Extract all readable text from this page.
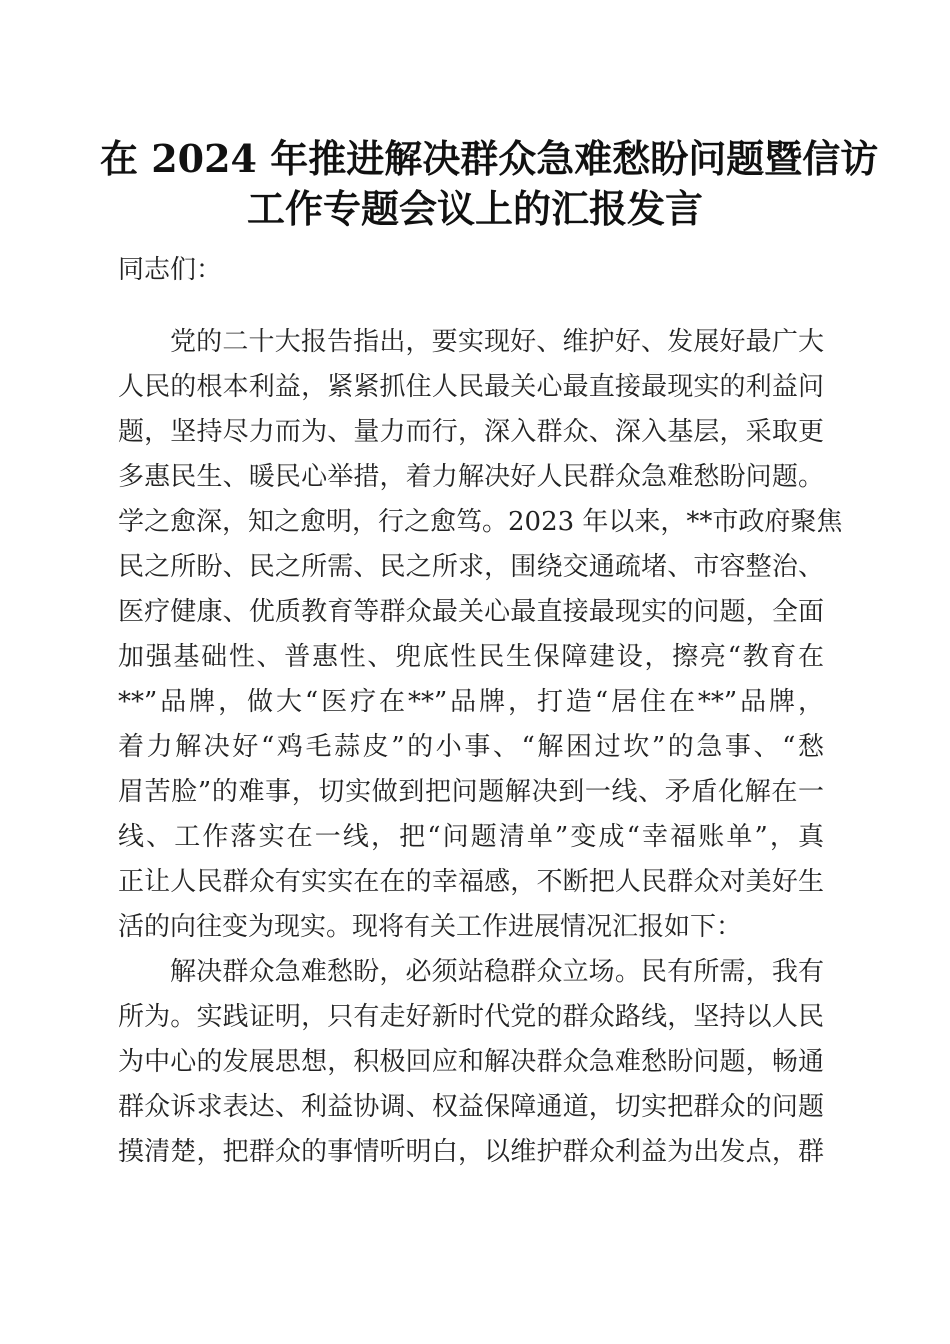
在 2024 年推进解决群众急难愁盼问题暨信访
工作专题会议上的汇报发言
同志们：
党的二十大报告指出，要实现好、维护好、发展好最广大
人民的根本利益，紧紧抓住人民最关心最直接最现实的利益问
题，坚持尽力而为、量力而行，深入群众、深入基层，采取更
多惠民生、暖民心举措，着力解决好人民群众急难愁盼问题。
学之愈深，知之愈明，行之愈笃。2023 年以来，**市政府聚焦
民之所盼、民之所需、民之所求，围绕交通疏堵、市容整治、
医疗健康、优质教育等群众最关心最直接最现实的问题，全面
加强基础性、普惠性、兜底性民生保障建设，擦亮“教育在
**”品牌，做大“医疗在**”品牌，打造“居住在**”品牌，
着力解决好“鸡毛蒜皮”的小事、“解困过坎”的急事、“愁
眉苦脸”的难事，切实做到把问题解决到一线、矛盾化解在一
线、工作落实在一线，把“问题清单”变成“幸福账单”，真
正让人民群众有实实在在的幸福感，不断把人民群众对美好生
活的向往变为现实。现将有关工作进展情况汇报如下：
解决群众急难愁盼，必须站稳群众立场。民有所需，我有
所为。实践证明，只有走好新时代党的群众路线，坚持以人民
为中心的发展思想，积极回应和解决群众急难愁盼问题，畅通
群众诉求表达、利益协调、权益保障通道，切实把群众的问题
摸清楚，把群众的事情听明白，以维护群众利益为出发点，群
